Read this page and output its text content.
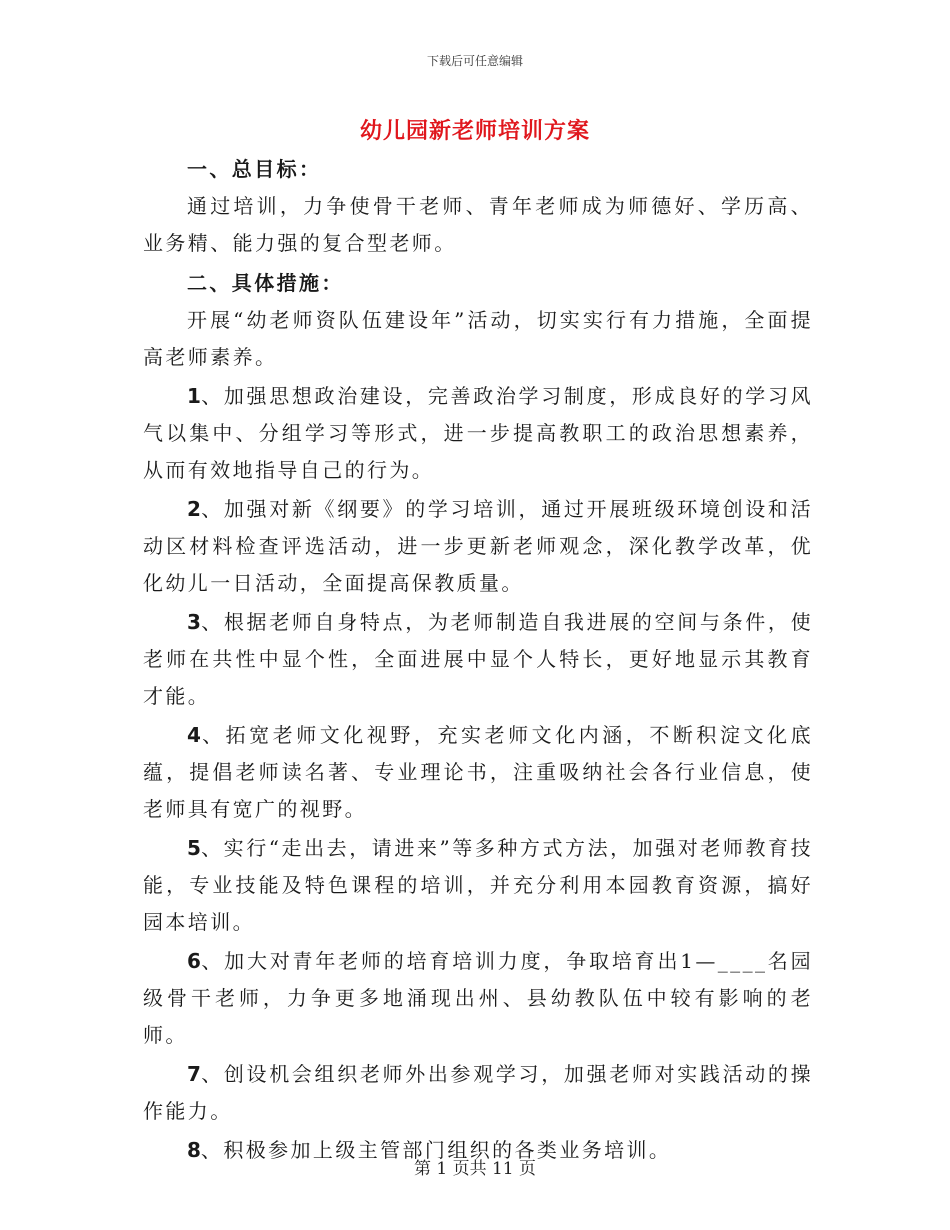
下载后可任意编辑
幼儿园新老师培训方案
一、总目标：

通过培训，力争使骨干老师、青年老师成为师德好、学历高、业务精、能力强的复合型老师。

二、具体措施：

开展“幼老师资队伍建设年”活动，切实实行有力措施，全面提高老师素养。

1、加强思想政治建设，完善政治学习制度，形成良好的学习风气以集中、分组学习等形式，进一步提高教职工的政治思想素养，从而有效地指导自己的行为。

2、加强对新《纲要》的学习培训，通过开展班级环境创设和活动区材料检查评选活动，进一步更新老师观念，深化教学改革，优化幼儿一日活动，全面提高保教质量。

3、根据老师自身特点，为老师制造自我进展的空间与条件，使老师在共性中显个性，全面进展中显个人特长，更好地显示其教育才能。

4、拓宽老师文化视野，充实老师文化内涵，不断积淀文化底蕴，提倡老师读名著、专业理论书，注重吸纳社会各行业信息，使老师具有宽广的视野。

5、实行“走出去，请进来”等多种方式方法，加强对老师教育技能，专业技能及特色课程的培训，并充分利用本园教育资源，搞好园本培训。

6、加大对青年老师的培育培训力度，争取培育出1—____名园级骨干老师，力争更多地涌现出州、县幼教队伍中较有影响的老师。

7、创设机会组织老师外出参观学习，加强老师对实践活动的操作能力。

8、积极参加上级主管部门组织的各类业务培训。

第 1 页共 11 页
